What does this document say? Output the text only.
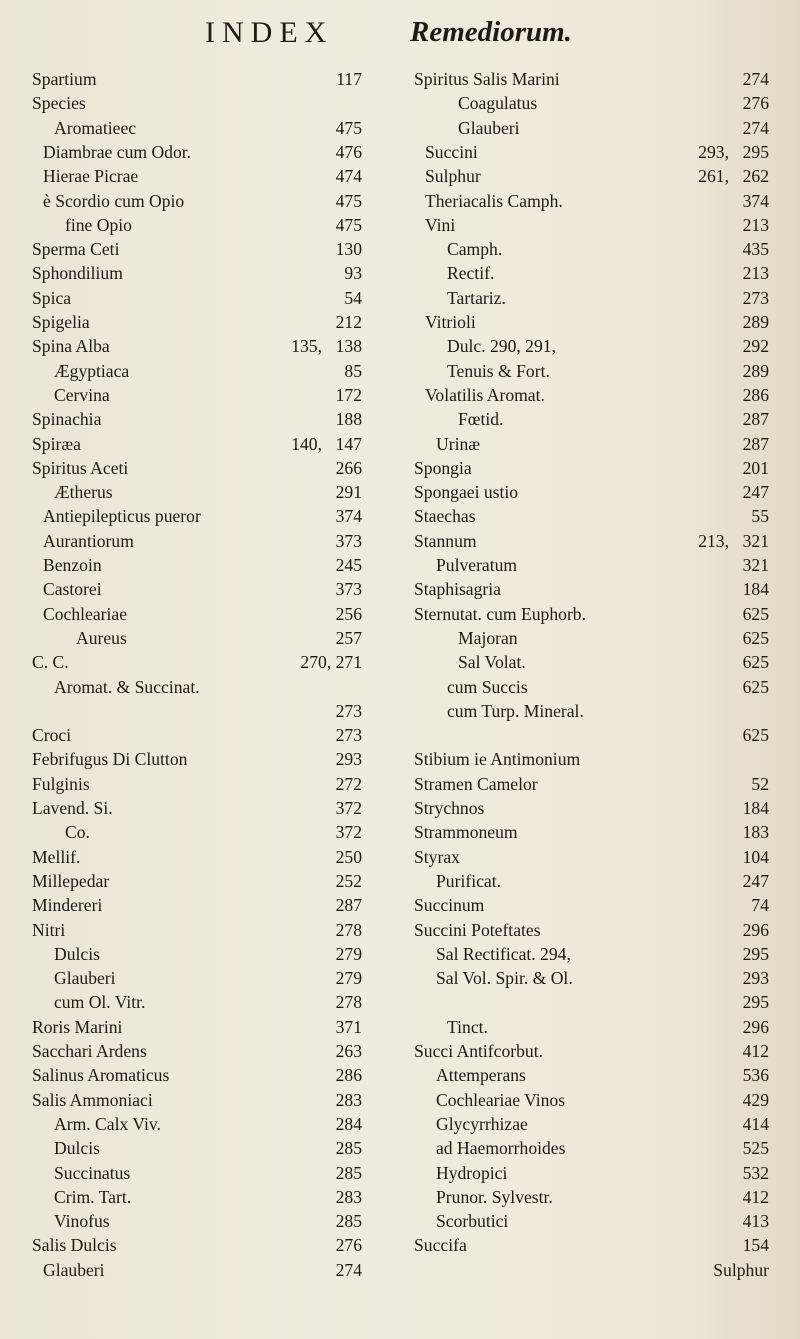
INDEX	Remediorum.
Spartium	117
Species
Aromatieec	475
Diambrae cum Odor.	476
Hierae Picrae	474
è Scordio cum Opio	475
fine Opio	475
Sperma Ceti	130
Sphondilium	93
Spica	54
Spigelia	212
Spina Alba	135, 138
Ægyptiaca	85
Cervina	172
Spinachia	188
Spiræa	140, 147
Spiritus Aceti	266
Ætherus	291
Antiepilepticus pueror	374
Aurantiorum	373
Benzoin	245
Castorei	373
Cochleariae	256
Aureus	257
C. C.	270, 271
Aromat. & Succinat.
273
Croci	273
Febrifugus Di Clutton	293
Fulginis	272
Lavend. Si.	372
Co.	372
Mellif.	250
Millepedar	252
Mindereri	287
Nitri	278
Dulcis	279
Glauberi	279
cum Ol. Vitr.	278
Roris Marini	371
Sacchari Ardens	263
Salinus Aromaticus	286
Salis Ammoniaci	283
Arm. Calx Viv.	284
Dulcis	285
Succinatus	285
Crim. Tart.	283
Vinofus	285
Salis Dulcis	276
Glauberi	274
Spiritus Salis Marini	274
Coagulatus	276
Glauberi	274
Succini	293, 295
Sulphur	261, 262
Theriacalis Camph.	374
Vini	213
Camph.	435
Rectif.	213
Tartariz.	273
Vitrioli	289
Dulc. 290, 291,	292
Tenuis & Fort.	289
Volatilis Aromat.	286
Fœtid.	287
Urinæ	287
Spongia	201
Spongaei ustio	247
Staechas	55
Stannum	213, 321
Pulveratum	321
Staphisagria	184
Sternutat. cum Euphorb.	625
Majoran	625
Sal Volat.	625
cum Succis	625
cum Turp. Mineral.
625
Stibium ie Antimonium
Stramen Camelor	52
Strychnos	184
Strammoneum	183
Styrax	104
Purificat.	247
Succinum	74
Succini Poteftates	296
Sal Rectificat. 294,	295
Sal Vol. Spir. & Ol.	293
295
Tinct.	296
Succi Antifcorbut.	412
Attemperans	536
Cochleariae Vinos	429
Glycyrrhizae	414
ad Haemorrhoides	525
Hydropici	532
Prunor. Sylvestr.	412
Scorbutici	413
Succifa	154
Sulphur
